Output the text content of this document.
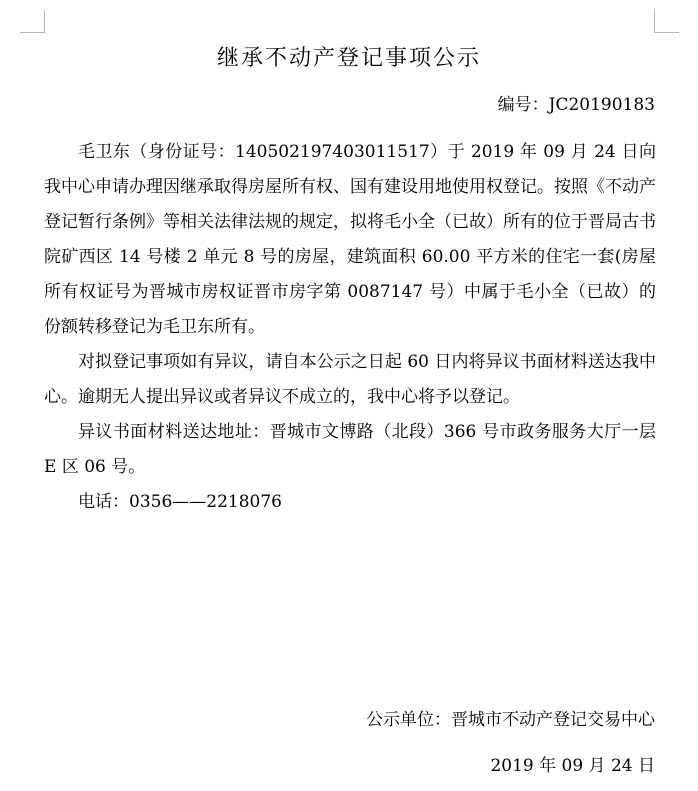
继承不动产登记事项公示
编号：JC20190183

毛卫东（身份证号：140502197403011517）于 2019 年 09 月 24 日向我中心申请办理因继承取得房屋所有权、国有建设用地使用权登记。按照《不动产登记暂行条例》等相关法律法规的规定，拟将毛小全（已故）所有的位于晋局古书院矿西区 14 号楼 2 单元 8 号的房屋，建筑面积 60.00 平方米的住宅一套(房屋所有权证号为晋城市房权证晋市房字第 0087147 号）中属于毛小全（已故）的份额转移登记为毛卫东所有。

对拟登记事项如有异议，请自本公示之日起 60 日内将异议书面材料送达我中心。逾期无人提出异议或者异议不成立的，我中心将予以登记。

异议书面材料送达地址：晋城市文博路（北段）366 号市政务服务大厅一层 E 区 06 号。

电话：0356——2218076

公示单位：晋城市不动产登记交易中心
2019 年 09 月 24 日
